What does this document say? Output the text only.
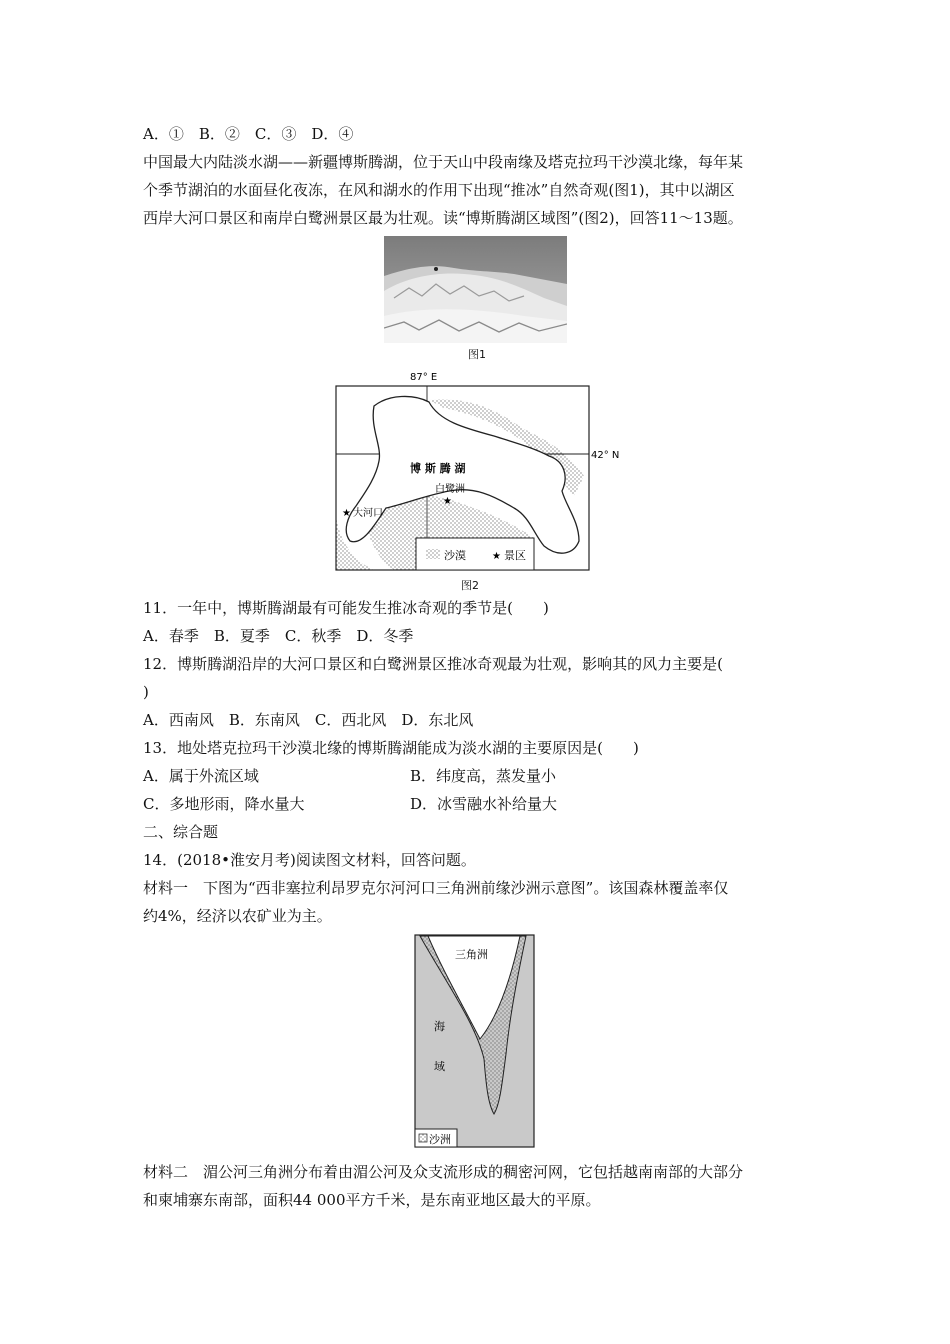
A．①　B．②　C．③　D．④
中国最大内陆淡水湖——新疆博斯腾湖，位于天山中段南缘及塔克拉玛干沙漠北缘，每年某
个季节湖泊的水面昼化夜冻，在风和湖水的作用下出现“推冰”自然奇观(图1)，其中以湖区
西岸大河口景区和南岸白鹭洲景区最为壮观。读“博斯腾湖区域图”(图2)，回答11～13题。
图1
沙漠	★ 景区
87° E
42° N
博 斯 腾 湖
白鹭洲
★
★ 大河口
图2
11．一年中，博斯腾湖最有可能发生推冰奇观的季节是(　　)
A．春季　B．夏季　C．秋季　D．冬季
12．博斯腾湖沿岸的大河口景区和白鹭洲景区推冰奇观最为壮观，影响其的风力主要是(
)
A．西南风　B．东南风　C．西北风　D．东北风
13．地处塔克拉玛干沙漠北缘的博斯腾湖能成为淡水湖的主要原因是(　　)
A．属于外流区域	B．纬度高，蒸发量小
C．多地形雨，降水量大	D．冰雪融水补给量大
二、综合题
14．(2018•淮安月考)阅读图文材料，回答问题。
材料一　下图为“西非塞拉利昂罗克尔河河口三角洲前缘沙洲示意图”。该国森林覆盖率仅
约4%，经济以农矿业为主。
三角洲
海
域
沙洲
材料二　湄公河三角洲分布着由湄公河及众支流形成的稠密河网，它包括越南南部的大部分
和柬埔寨东南部，面积44 000平方千米，是东南亚地区最大的平原。
